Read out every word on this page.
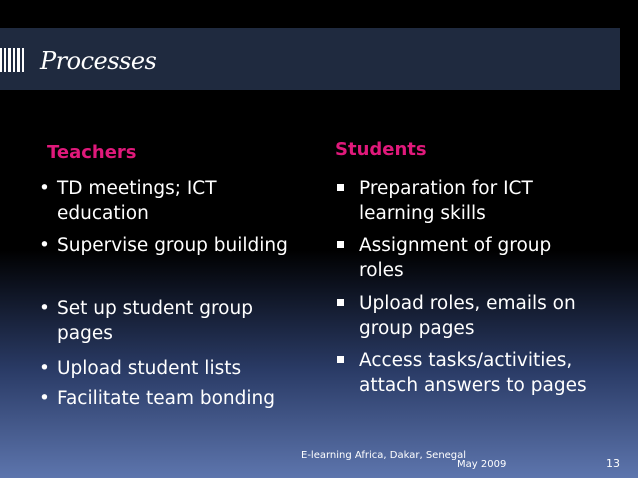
Processes
Teachers	Students
• TD meetings; ICT education
• Supervise group building
• Set up student group pages
• Upload student lists
• Facilitate team bonding
Preparation for ICT learning skills
Assignment of group roles
Upload roles, emails on group pages
Access tasks/activities, attach answers to pages
E-learning Africa, Dakar, Senegal
May 2009	13
